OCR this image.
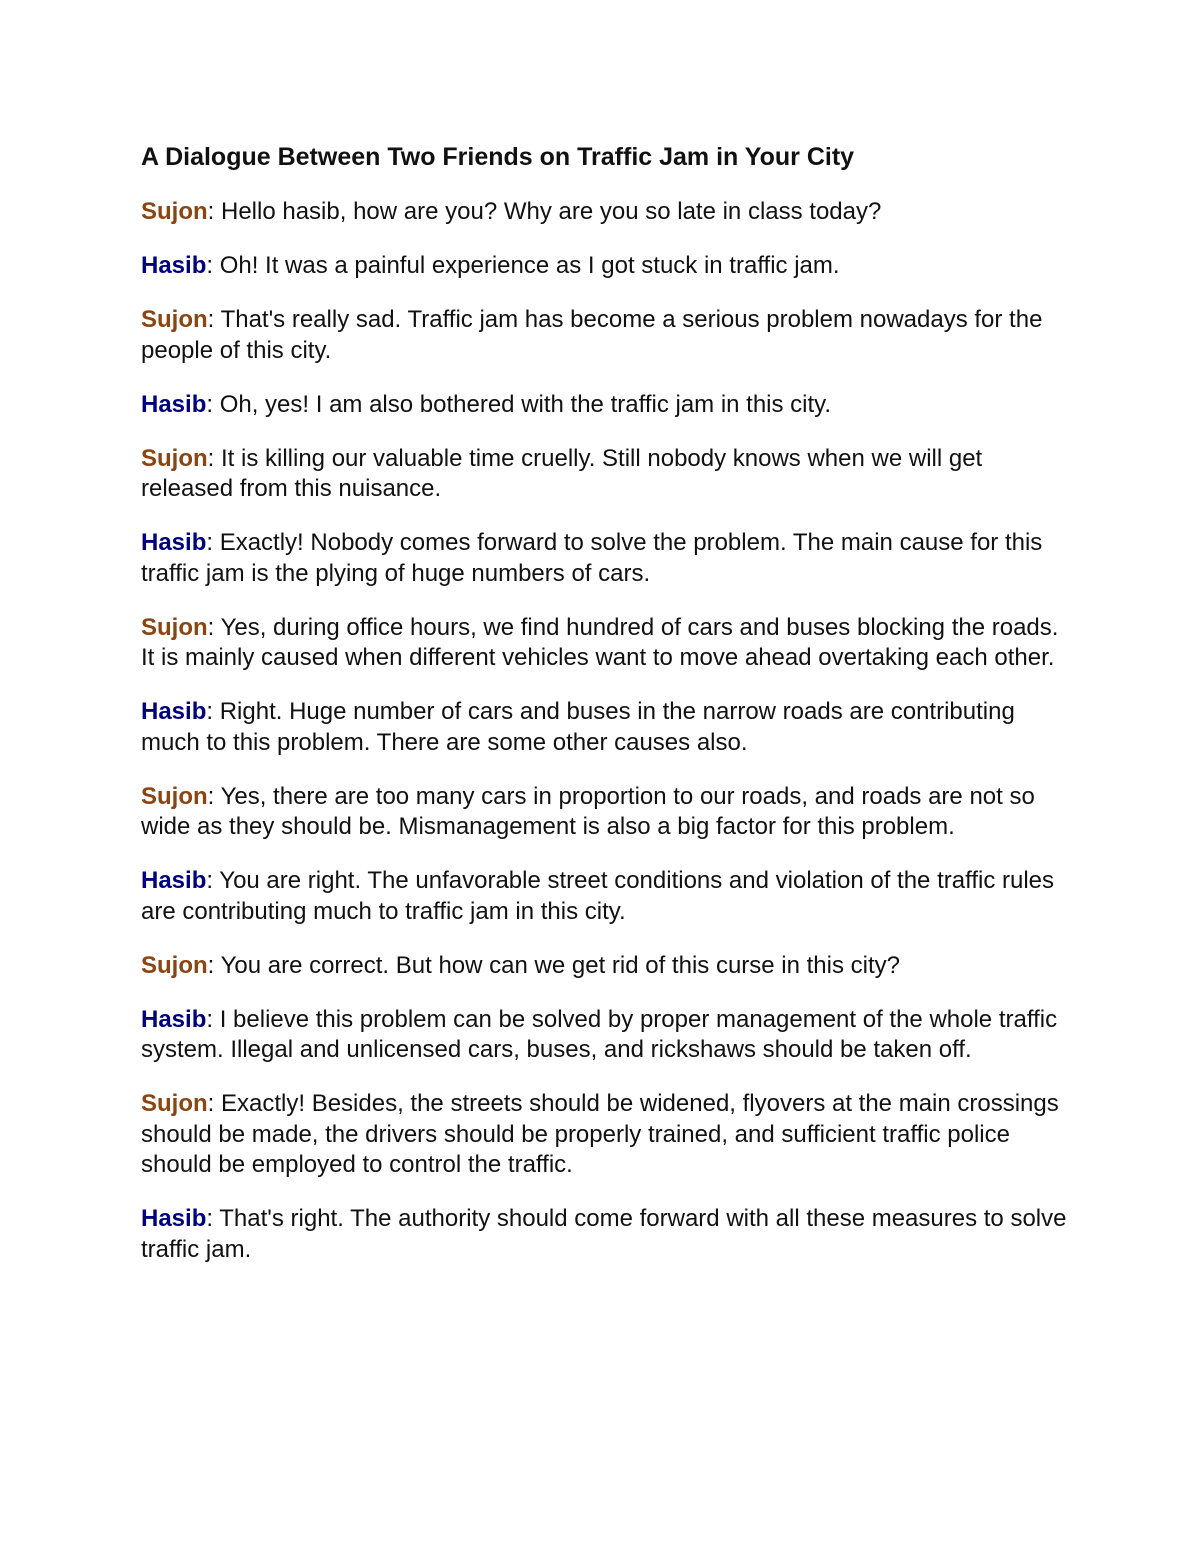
A Dialogue Between Two Friends on Traffic Jam in Your City
Sujon: Hello hasib, how are you? Why are you so late in class today?
Hasib: Oh! It was a painful experience as I got stuck in traffic jam.
Sujon: That's really sad. Traffic jam has become a serious problem nowadays for the people of this city.
Hasib: Oh, yes! I am also bothered with the traffic jam in this city.
Sujon: It is killing our valuable time cruelly. Still nobody knows when we will get released from this nuisance.
Hasib: Exactly! Nobody comes forward to solve the problem. The main cause for this traffic jam is the plying of huge numbers of cars.
Sujon: Yes, during office hours, we find hundred of cars and buses blocking the roads. It is mainly caused when different vehicles want to move ahead overtaking each other.
Hasib: Right. Huge number of cars and buses in the narrow roads are contributing much to this problem. There are some other causes also.
Sujon: Yes, there are too many cars in proportion to our roads, and roads are not so wide as they should be. Mismanagement is also a big factor for this problem.
Hasib: You are right. The unfavorable street conditions and violation of the traffic rules are contributing much to traffic jam in this city.
Sujon: You are correct. But how can we get rid of this curse in this city?
Hasib: I believe this problem can be solved by proper management of the whole traffic system. Illegal and unlicensed cars, buses, and rickshaws should be taken off.
Sujon: Exactly! Besides, the streets should be widened, flyovers at the main crossings should be made, the drivers should be properly trained, and sufficient traffic police should be employed to control the traffic.
Hasib: That's right. The authority should come forward with all these measures to solve traffic jam.
